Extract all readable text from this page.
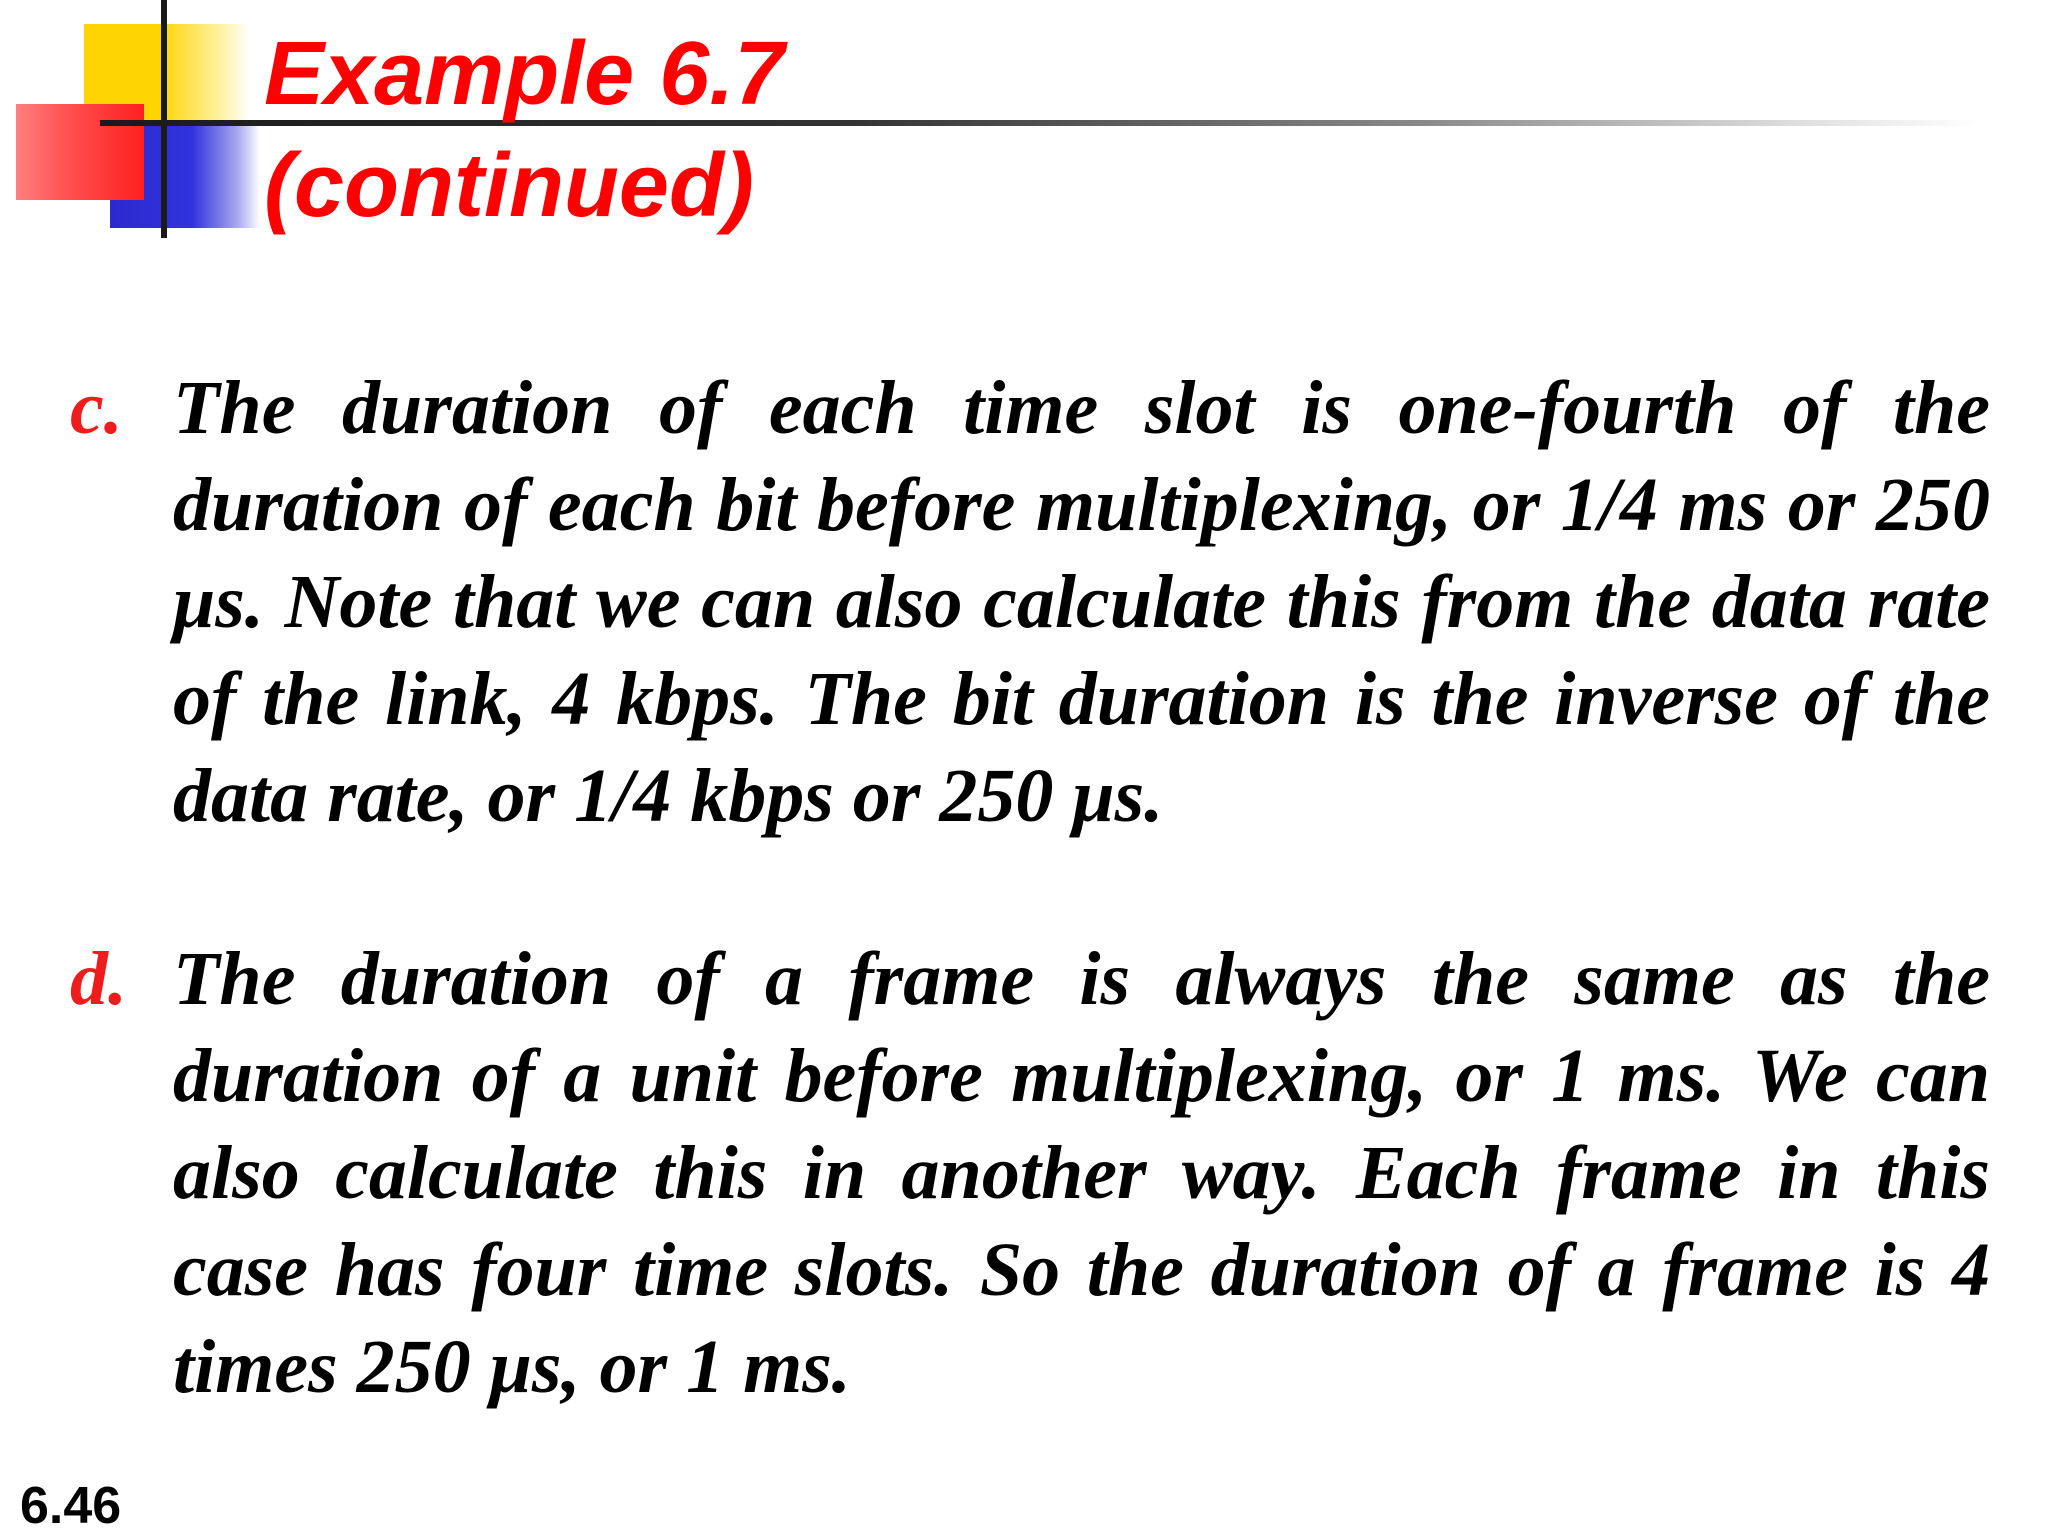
Example 6.7
(continued)
c. The duration of each time slot is one-fourth of the duration of each bit before multiplexing, or 1/4 ms or 250 μs. Note that we can also calculate this from the data rate of the link, 4 kbps. The bit duration is the inverse of the data rate, or 1/4 kbps or 250 μs.
d. The duration of a frame is always the same as the duration of a unit before multiplexing, or 1 ms. We can also calculate this in another way. Each frame in this case has four time slots. So the duration of a frame is 4 times 250 μs, or 1 ms.
6.46
